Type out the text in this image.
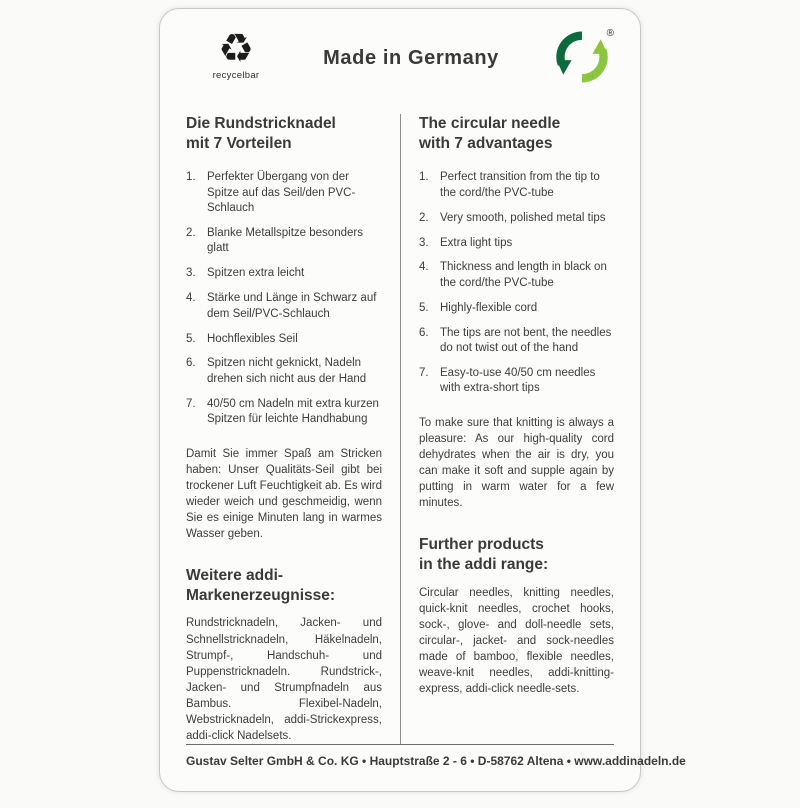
♻
recycelbar
Made in Germany
®
Die Rundstricknadel
mit 7 Vorteilen
Perfekter Übergang von der Spitze auf das Seil/den PVC-Schlauch
Blanke Metallspitze besonders glatt
Spitzen extra leicht
Stärke und Länge in Schwarz auf dem Seil/PVC-Schlauch
Hochflexibles Seil
Spitzen nicht geknickt, Nadeln drehen sich nicht aus der Hand
40/50 cm Nadeln mit extra kurzen Spitzen für leichte Handhabung

Damit Sie immer Spaß am Stricken haben: Unser Qualitäts-Seil gibt bei trockener Luft Feuchtigkeit ab. Es wird wieder weich und geschmeidig, wenn Sie es einige Minuten lang in warmes Wasser geben.

Weitere addi-
Markenerzeugnisse:

Rundstricknadeln, Jacken- und Schnellstricknadeln, Häkelnadeln, Strumpf-, Handschuh- und Puppenstricknadeln. Rundstrick-, Jacken- und Strumpfnadeln aus Bambus. Flexibel-Nadeln, Webstricknadeln, addi-Strickexpress, addi-click Nadelsets.

The circular needle
with 7 advantages
Perfect transition from the tip to the cord/the PVC-tube
Very smooth, polished metal tips
Extra light tips
Thickness and length in black on the cord/the PVC-tube
Highly-flexible cord
The tips are not bent, the needles do not twist out of the hand
Easy-to-use 40/50 cm needles with extra-short tips

To make sure that knitting is always a pleasure: As our high-quality cord dehydrates when the air is dry, you can make it soft and supple again by putting in warm water for a few minutes.

Further products
in the addi range:

Circular needles, knitting needles, quick-knit needles, crochet hooks, sock-, glove- and doll-needle sets, circular-, jacket- and sock-needles made of bamboo, flexible needles, weave-knit needles, addi-knitting-express, addi-click needle-sets.

Gustav Selter GmbH & Co. KG • Hauptstraße 2 - 6 • D-58762 Altena • www.addinadeln.de
